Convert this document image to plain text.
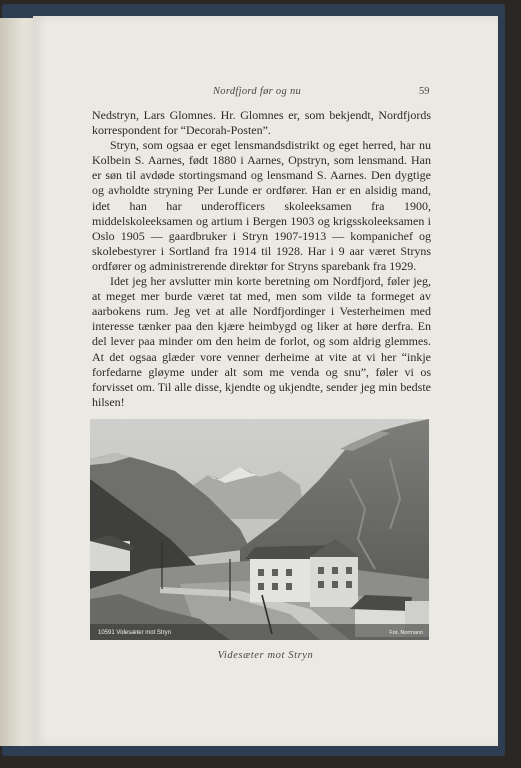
Nordfjord før og nu	59

Nedstryn, Lars Glomnes. Hr. Glomnes er, som bekjendt, Nordfjords korrespondent for “Decorah-Posten”.

Stryn, som ogsaa er eget lensmandsdistrikt og eget herred, har nu Kolbein S. Aarnes, født 1880 i Aarnes, Opstryn, som lensmand. Han er søn til avdøde stortingsmand og lensmand S. Aarnes. Den dygtige og avholdte stryning Per Lunde er ordfører. Han er en alsidig mand, idet han har underofficers skoleeksamen fra 1900, middelskoleeksamen og artium i Bergen 1903 og krigsskoleeksamen i Oslo 1905 — gaardbruker i Stryn 1907-1913 — kompanichef og skolebestyrer i Sortland fra 1914 til 1928. Har i 9 aar været Stryns ordfører og administrerende direktør for Stryns sparebank fra 1929.

Idet jeg her avslutter min korte beretning om Nordfjord, føler jeg, at meget mer burde været tat med, men som vilde ta formeget av aarbokens rum. Jeg vet at alle Nordfjordinger i Vesterheimen med interesse tænker paa den kjære heimbygd og liker at høre derfra. En del lever paa minder om den heim de forlot, og som aldrig glemmes. At det ogsaa glæder vore venner derheime at vite at vi her “inkje forfedarne gløyme under alt som me venda og snu”, føler vi os forvisset om. Til alle disse, kjendte og ukjendte, sender jeg min bedste hilsen!

10591 Videsæter mot Stryn	Fot. Normann
Videsæter mot Stryn
